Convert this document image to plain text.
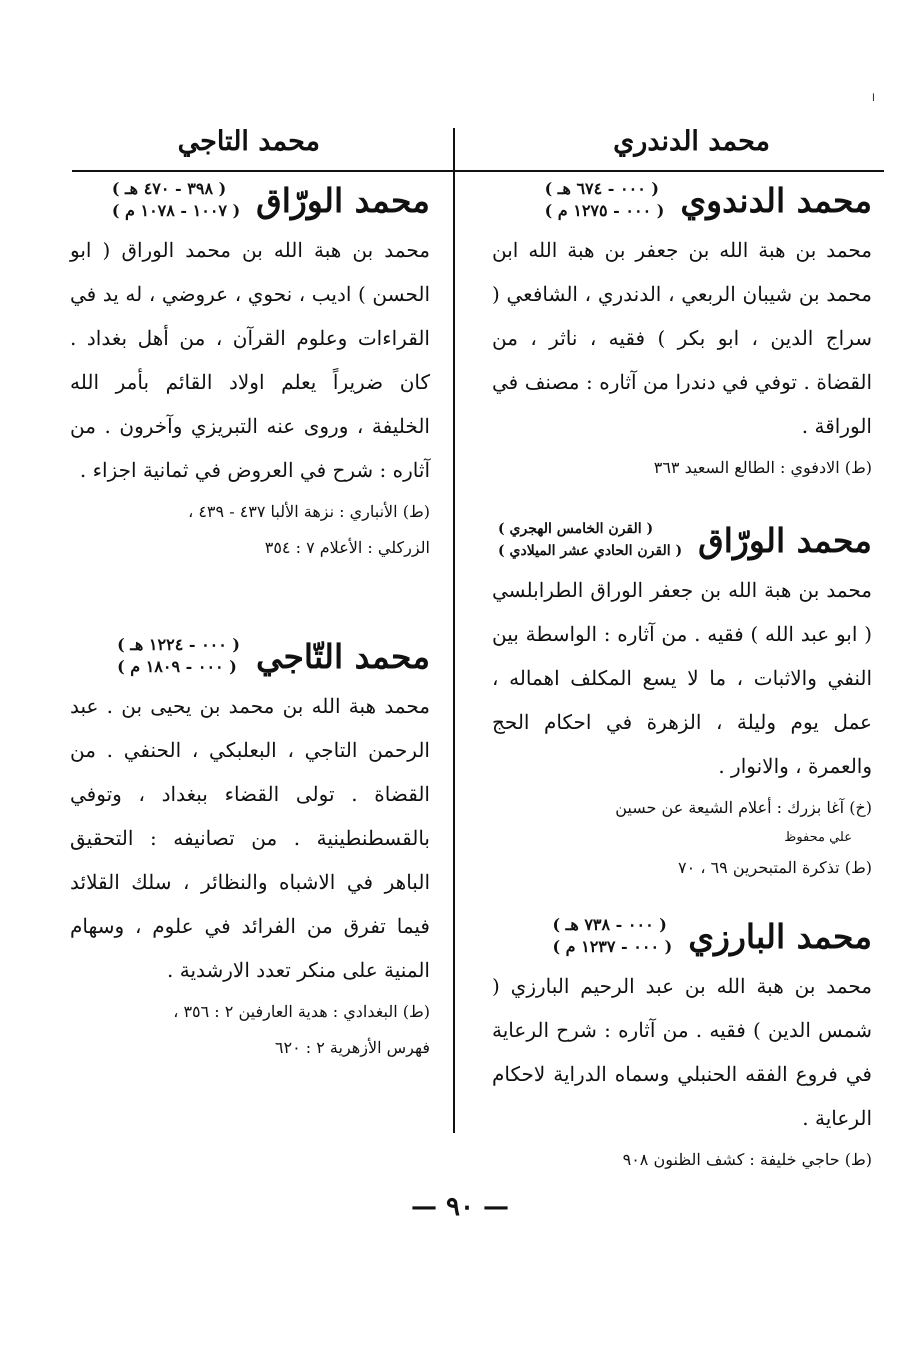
ا
محمد الدندري
محمد التاجي
محمد الدندوي
( ٠٠٠ - ٦٧٤ هـ )
( ٠٠٠ - ١٢٧٥ م )
محمد بن هبة الله بن جعفر بن هبة الله ابن محمد بن شيبان الربعي ، الدندري ، الشافعي ( سراج الدين ، ابو بكر ) فقيه ، ناثر ، من القضاة . توفي في دندرا من آثاره : مصنف في الوراقة .
(ط) الادفوي : الطالع السعيد ٣٦٣
محمد الورّاق
( القرن الخامس الهجري )
( القرن الحادي عشر الميلادي )
محمد بن هبة الله بن جعفر الوراق الطرابلسي ( ابو عبد الله ) فقيه . من آثاره : الواسطة بين النفي والاثبات ، ما لا يسع المكلف اهماله ، عمل يوم وليلة ، الزهرة في احكام الحج والعمرة ، والانوار .
(خ) آغا بزرك : أعلام الشيعة عن حسين
علي محفوظ
(ط) تذكرة المتبحرين ٦٩ ، ٧٠
محمد البارزي
( ٠٠٠ - ٧٣٨ هـ )
( ٠٠٠ - ١٢٣٧ م )
محمد بن هبة الله بن عبد الرحيم البارزي ( شمس الدين ) فقيه . من آثاره : شرح الرعاية في فروع الفقه الحنبلي وسماه الدراية لاحكام الرعاية .
(ط) حاجي خليفة : كشف الظنون ٩٠٨
محمد الورّاق
( ٣٩٨ - ٤٧٠ هـ )
( ١٠٠٧ - ١٠٧٨ م )
محمد بن هبة الله بن محمد الوراق ( ابو الحسن ) اديب ، نحوي ، عروضي ، له يد في القراءات وعلوم القرآن ، من أهل بغداد . كان ضريراً يعلم اولاد القائم بأمر الله الخليفة ، وروى عنه التبريزي وآخرون . من آثاره : شرح في العروض في ثمانية اجزاء .
(ط) الأنباري : نزهة الألبا ٤٣٧ - ٤٣٩ ،
الزركلي : الأعلام ٧ : ٣٥٤
محمد التّاجي
( ٠٠٠ - ١٢٢٤ هـ )
( ٠٠٠ - ١٨٠٩ م )
محمد هبة الله بن محمد بن يحيى بن . عبد الرحمن التاجي ، البعلبكي ، الحنفي . من القضاة . تولى القضاء ببغداد ، وتوفي بالقسطنطينية . من تصانيفه : التحقيق الباهر في الاشباه والنظائر ، سلك القلائد فيما تفرق من الفرائد في علوم ، وسهام المنية على منكر تعدد الارشدية .
(ط) البغدادي : هدية العارفين ٢ : ٣٥٦ ،
فهرس الأزهرية ٢ : ٦٢٠
— ٩٠ —
